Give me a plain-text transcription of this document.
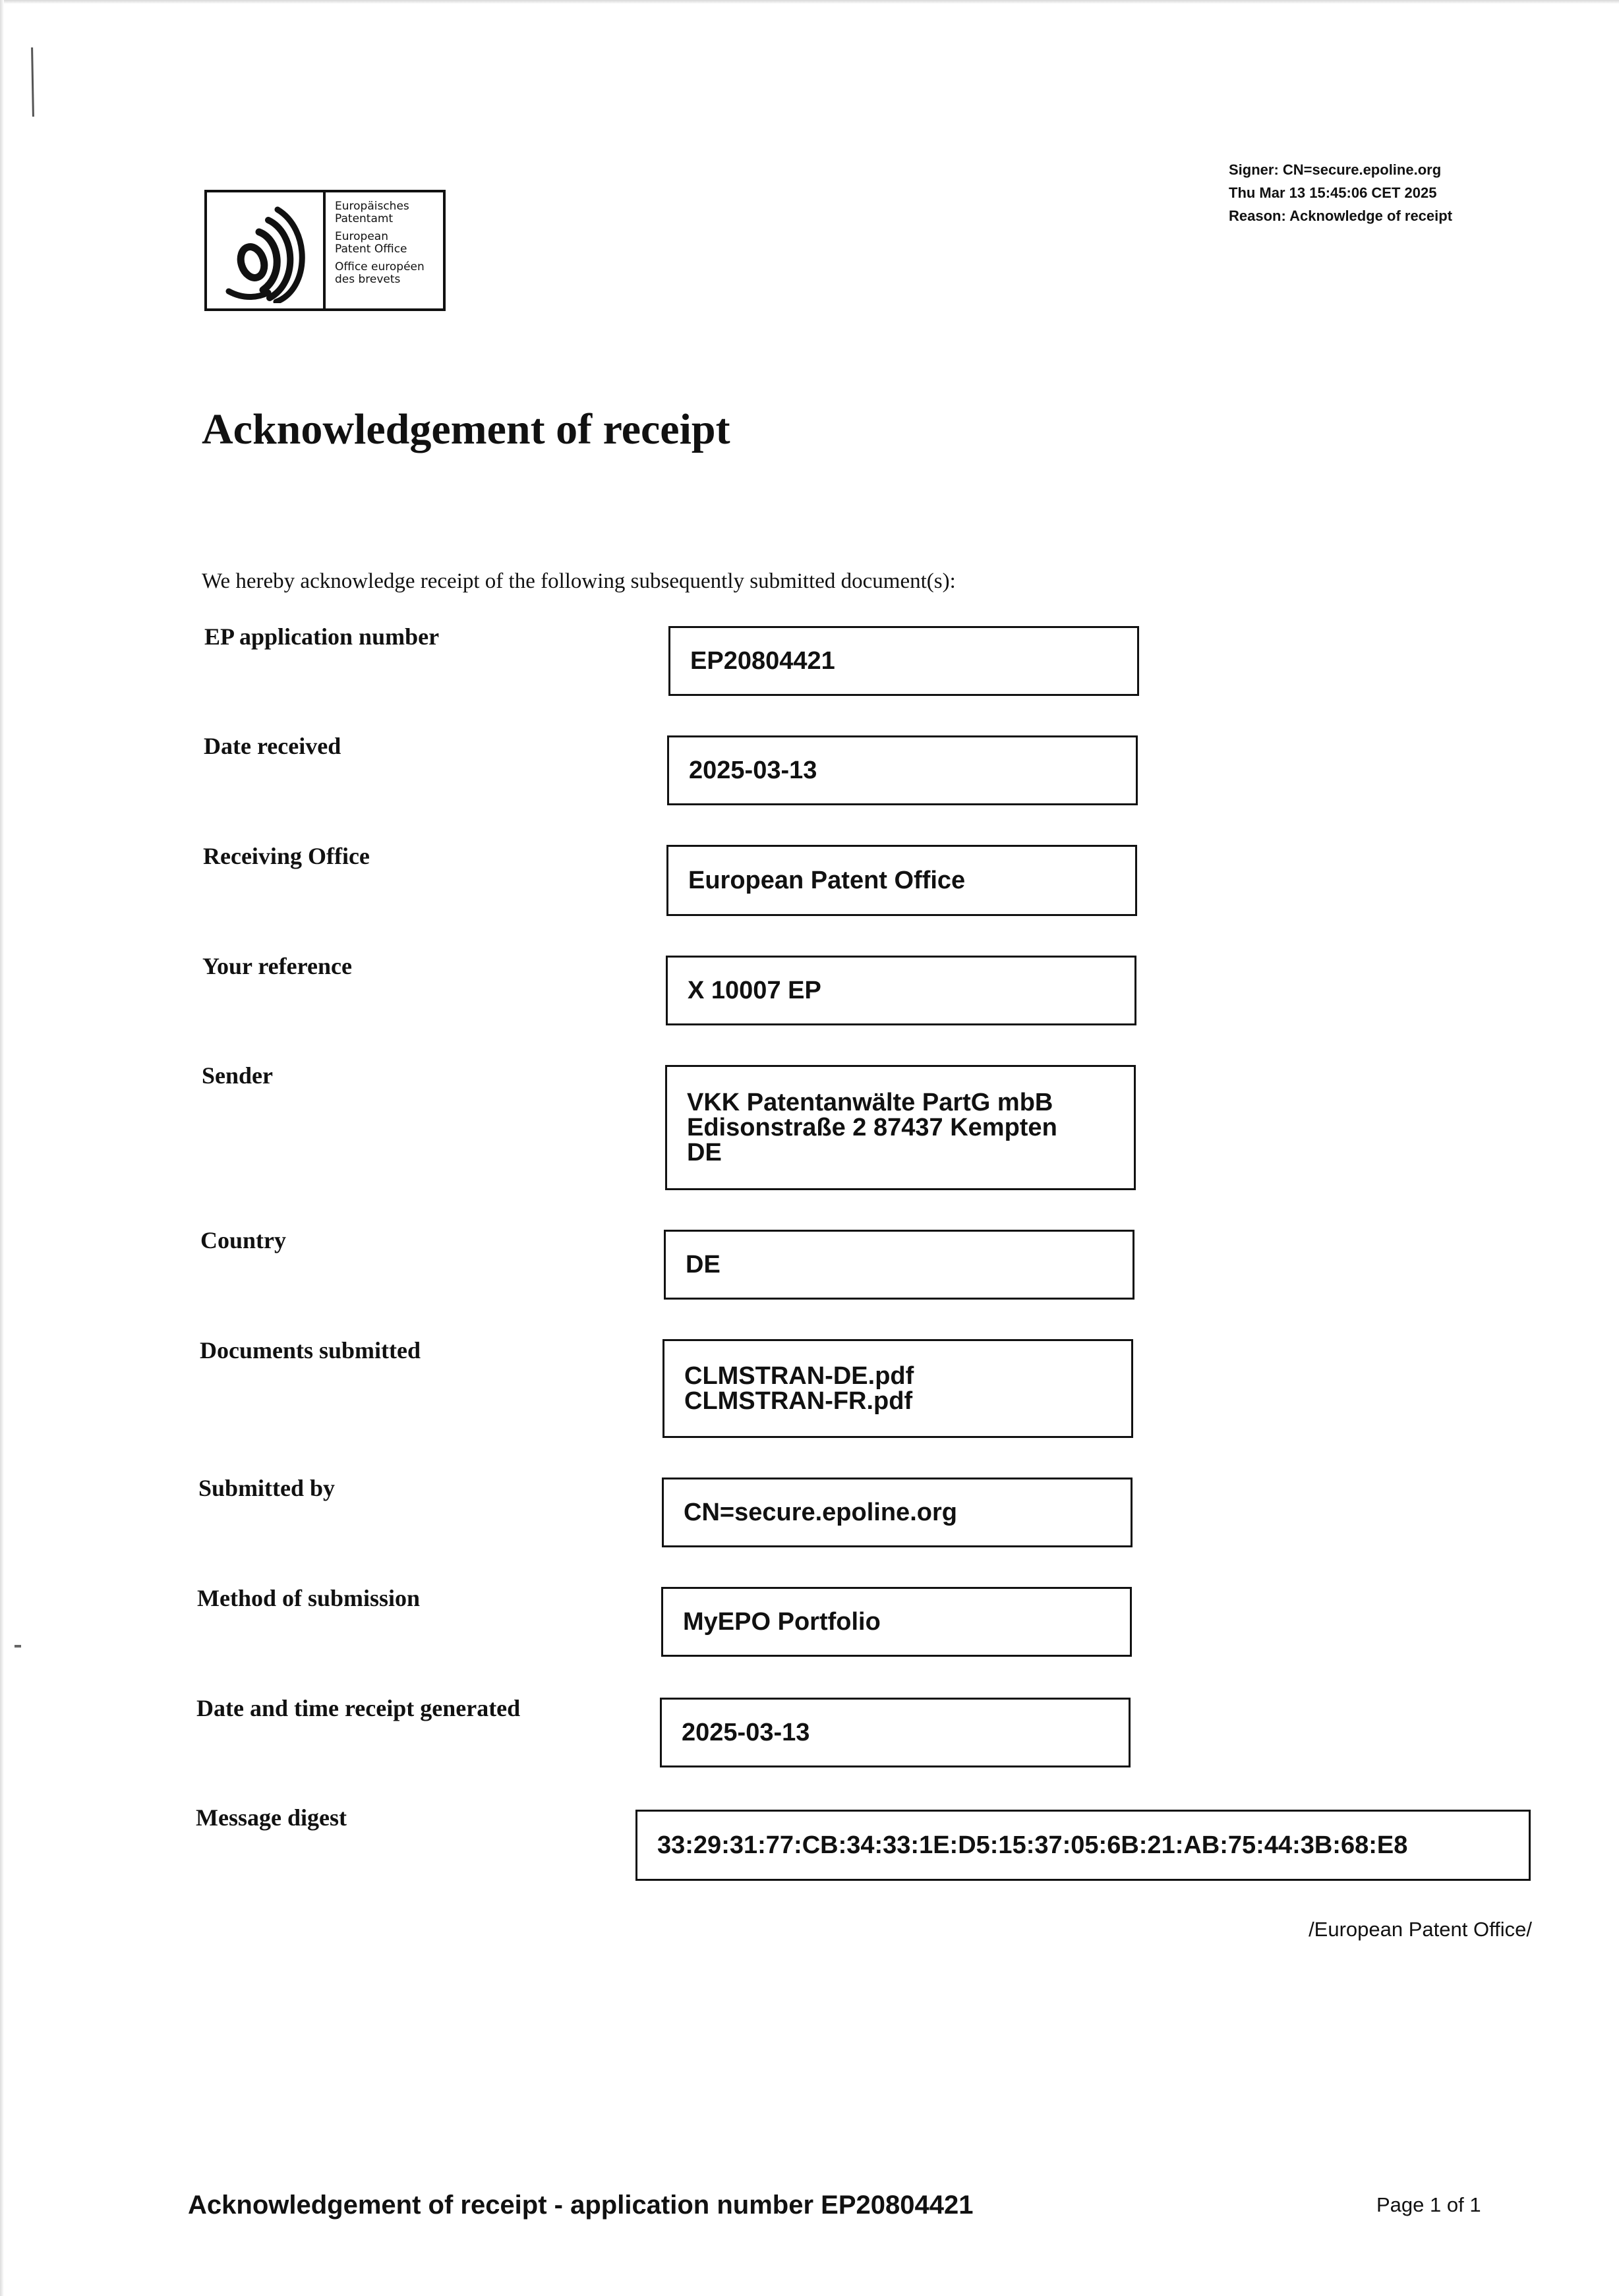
Europäisches
Patentamt
European
Patent Office
Office européen
des brevets
Signer: CN=secure.epoline.org
Thu Mar 13 15:45:06 CET 2025
Reason: Acknowledge of receipt
Acknowledgement of receipt
We hereby acknowledge receipt of the following subsequently submitted document(s):
EP application number
EP20804421
Date received
2025-03-13
Receiving Office
European Patent Office
Your reference
X 10007 EP
Sender
VKK Patentanwälte PartG mbB
Edisonstraße 2 87437 Kempten
DE
Country
DE
Documents submitted
CLMSTRAN-DE.pdf
CLMSTRAN-FR.pdf
Submitted by
CN=secure.epoline.org
Method of submission
MyEPO Portfolio
Date and time receipt generated
2025-03-13
Message digest
33:29:31:77:CB:34:33:1E:D5:15:37:05:6B:21:AB:75:44:3B:68:E8
/European Patent Office/
Acknowledgement of receipt - application number EP20804421	Page 1 of 1
